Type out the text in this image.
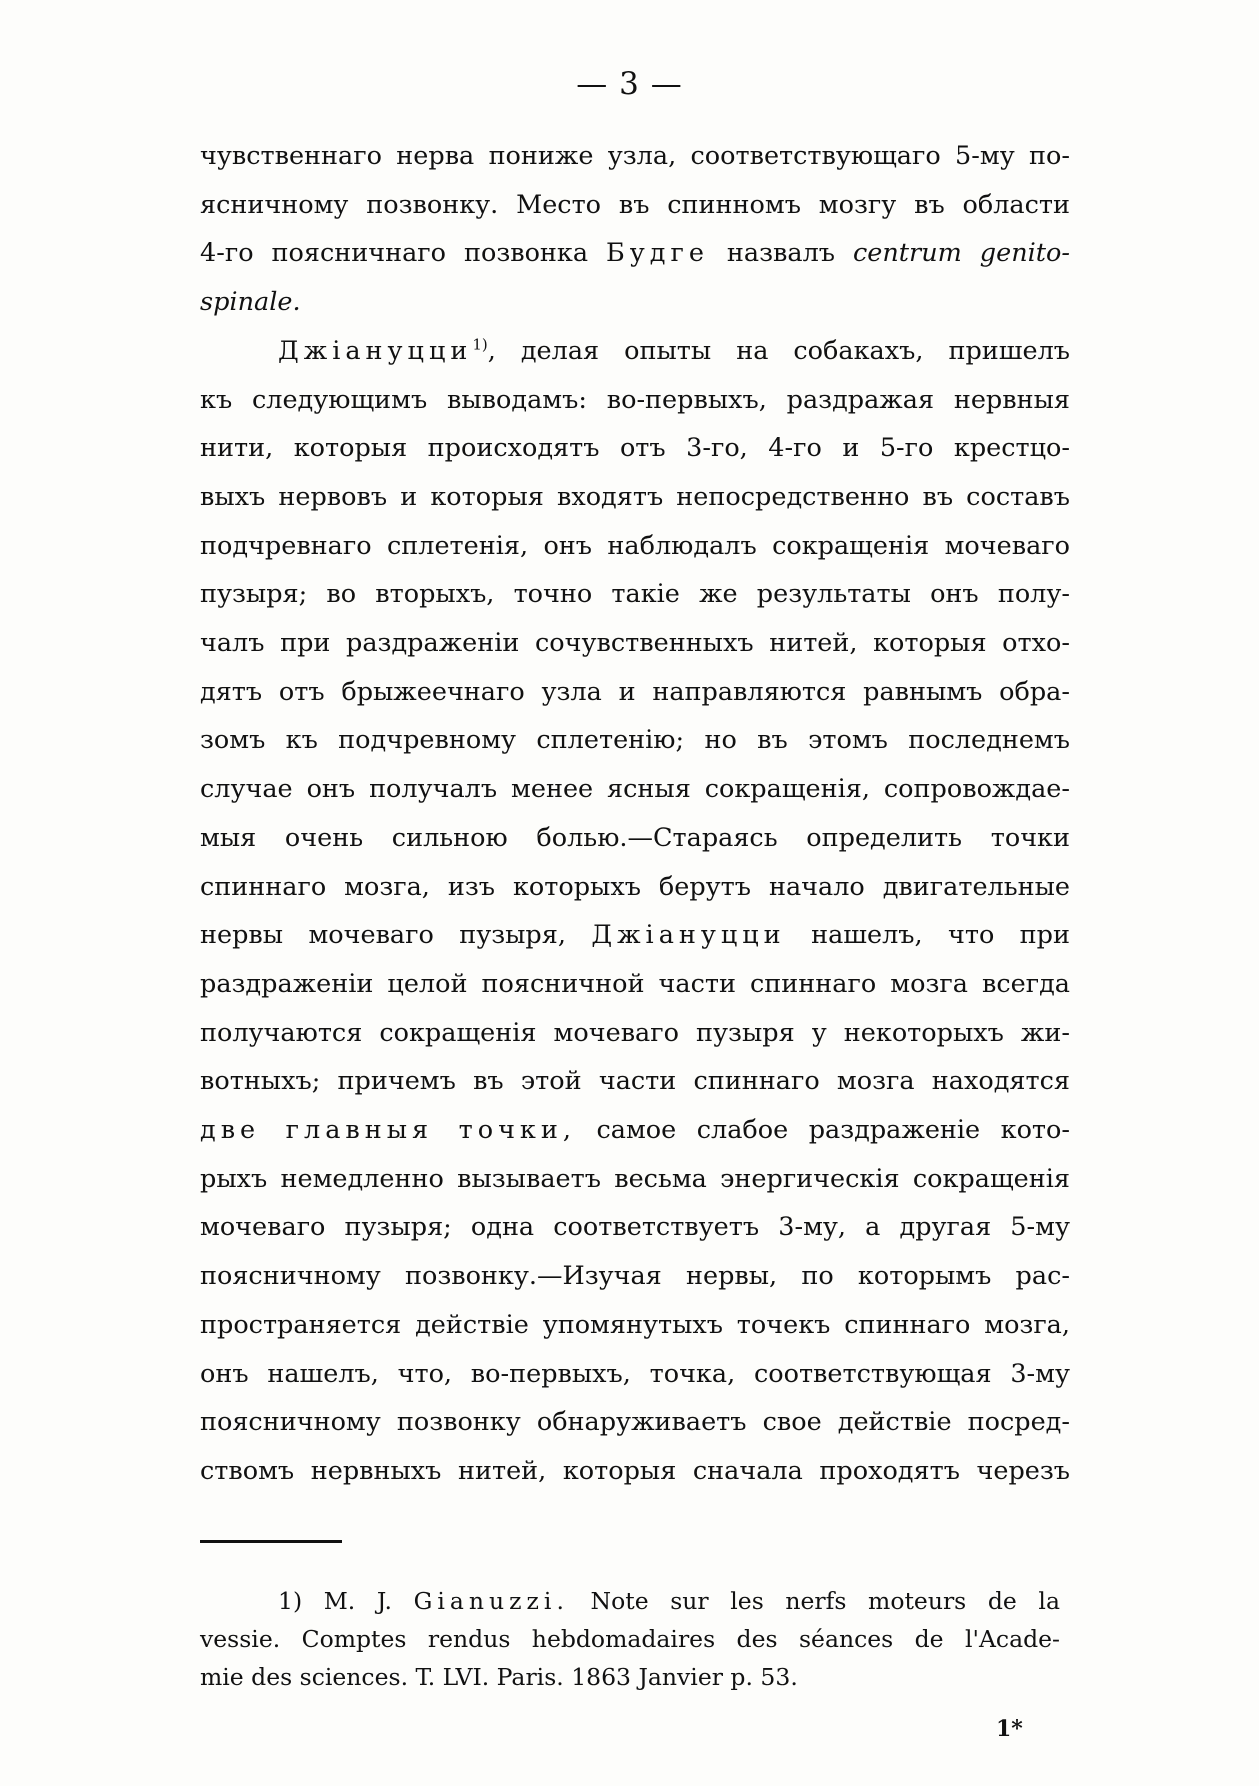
— 3 —
чувственнаго нерва пониже узла, соответствующаго 5-му по-
ясничному позвонку. Место въ спинномъ мозгу въ области
4-го поясничнаго позвонка Будге назвалъ centrum genito-
spinale.
Джіануцци$^{1)}$, делая опыты на собакахъ, пришелъ
къ следующимъ выводамъ: во-первыхъ, раздражая нервныя
нити, которыя происходятъ отъ 3-го, 4-го и 5-го крестцо-
выхъ нервовъ и которыя входятъ непосредственно въ составъ
подчревнаго сплетенія, онъ наблюдалъ сокращенія мочеваго
пузыря; во вторыхъ, точно такіе же результаты онъ полу-
чалъ при раздраженіи сочувственныхъ нитей, которыя отхо-
дятъ отъ брыжеечнаго узла и направляются равнымъ обра-
зомъ къ подчревному сплетенію; но въ этомъ последнемъ
случае онъ получалъ менее ясныя сокращенія, сопровождае-
мыя очень сильною болью.—Стараясь определить точки
спиннаго мозга, изъ которыхъ берутъ начало двигательные
нервы мочеваго пузыря, Джіануцци нашелъ, что при
раздраженіи целой поясничной части спиннаго мозга всегда
получаются сокращенія мочеваго пузыря у некоторыхъ жи-
вотныхъ; причемъ въ этой части спиннаго мозга находятся
две главныя точки, самое слабое раздраженіе кото-
рыхъ немедленно вызываетъ весьма энергическія сокращенія
мочеваго пузыря; одна соответствуетъ 3-му, а другая 5-му
поясничному позвонку.—Изучая нервы, по которымъ рас-
пространяется действіе упомянутыхъ точекъ спиннаго мозга,
онъ нашелъ, что, во-первыхъ, точка, соответствующая 3-му
поясничному позвонку обнаруживаетъ свое действіе посред-
ствомъ нервныхъ нитей, которыя сначала проходятъ черезъ
1) M. J. Gianuzzi. Note sur les nerfs moteurs de la
vessie. Comptes rendus hebdomadaires des séances de l'Acade-
mie des sciences. T. LVI. Paris. 1863 Janvier p. 53.
1*
